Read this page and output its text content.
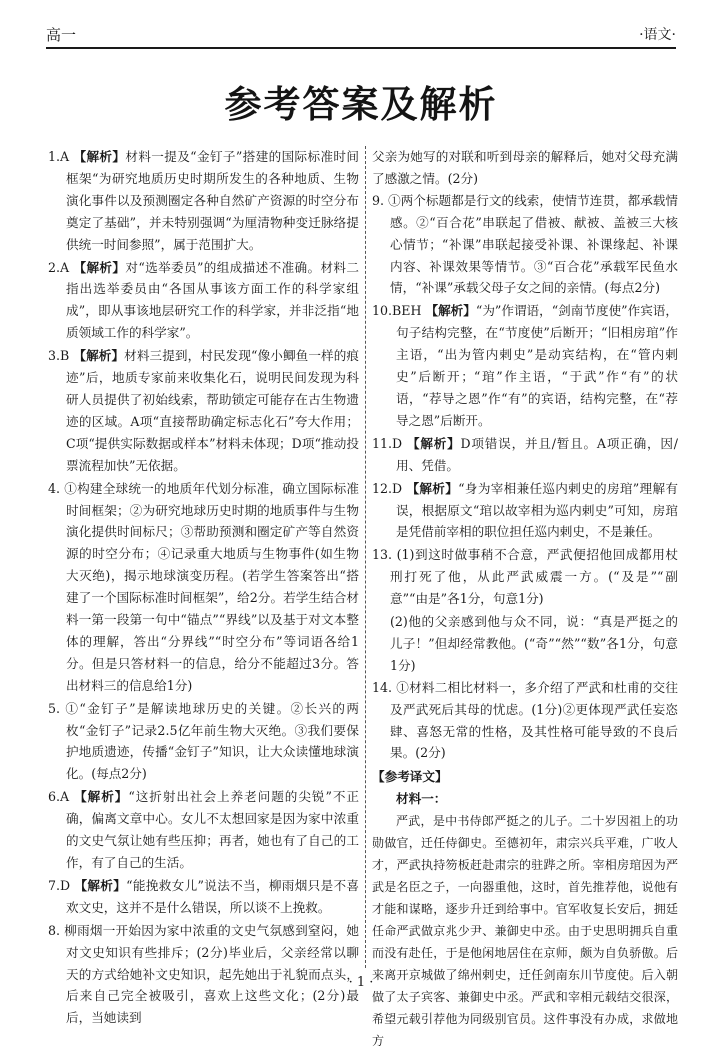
高一	·语文·
参考答案及解析

1.A 【解析】材料一提及“金钉子”搭建的国际标准时间框架“为研究地质历史时期所发生的各种地质、生物演化事件以及预测圈定各种自然矿产资源的时空分布奠定了基础”，并未特别强调“为厘清物种变迁脉络提供统一时间参照”，属于范围扩大。

2.A 【解析】对“选举委员”的组成描述不准确。材料二指出选举委员由“各国从事该方面工作的科学家组成”，即从事该地层研究工作的科学家，并非泛指“地质领域工作的科学家”。

3.B 【解析】材料三提到，村民发现“像小鲫鱼一样的痕迹”后，地质专家前来收集化石，说明民间发现为科研人员提供了初始线索，帮助锁定可能存在古生物遗迹的区域。A项“直接帮助确定标志化石”夸大作用；C项“提供实际数据或样本”材料未体现；D项“推动投票流程加快”无依据。

4. ①构建全球统一的地质年代划分标准，确立国际标准时间框架；②为研究地球历史时期的地质事件与生物演化提供时间标尺；③帮助预测和圈定矿产等自然资源的时空分布；④记录重大地质与生物事件(如生物大灭绝)，揭示地球演变历程。(若学生答案答出“搭建了一个国际标准时间框架”，给2分。若学生结合材料一第一段第一句中“锚点”“界线”以及基于对文本整体的理解，答出“分界线”“时空分布”等词语各给1分。但是只答材料一的信息，给分不能超过3分。答出材料三的信息给1分)

5. ①“金钉子”是解读地球历史的关键。②长兴的两枚“金钉子”记录2.5亿年前生物大灭绝。③我们要保护地质遗迹，传播“金钉子”知识，让大众读懂地球演化。(每点2分)

6.A 【解析】“这折射出社会上养老问题的尖锐”不正确，偏离文章中心。女儿不太想回家是因为家中浓重的文史气氛让她有些压抑；再者，她也有了自己的工作，有了自己的生活。

7.D 【解析】“能挽救女儿”说法不当，柳雨烟只是不喜欢文史，这并不是什么错误，所以谈不上挽救。

8. 柳雨烟一开始因为家中浓重的文史气氛感到窒闷，她对文史知识有些排斥；(2分)毕业后，父亲经常以聊天的方式给她补文史知识，起先她出于礼貌而点头，后来自己完全被吸引，喜欢上这些文化；(2分)最后，当她读到

父亲为她写的对联和听到母亲的解释后，她对父母充满了感激之情。(2分)

9. ①两个标题都是行文的线索，使情节连贯，都承载情感。②“百合花”串联起了借被、献被、盖被三大核心情节；“补课”串联起接受补课、补课缘起、补课内容、补课效果等情节。③“百合花”承载军民鱼水情，“补课”承载父母子女之间的亲情。(每点2分)

10.BEH 【解析】“为”作谓语，“剑南节度使”作宾语，句子结构完整，在“节度使”后断开；“旧相房琯”作主语，“出为管内剌史”是动宾结构，在“管内剌史”后断开；“琯”作主语，“于武”作“有”的状语，“荐导之恩”作“有”的宾语，结构完整，在“荐导之恩”后断开。

11.D 【解析】D项错误，并且/暂且。A项正确，因/用、凭借。

12.D 【解析】“身为宰相兼任巡内剌史的房琯”理解有误，根据原文“琯以故宰相为巡内剌史”可知，房琯是凭借前宰相的职位担任巡内剌史，不是兼任。

13. (1)到这时做事稍不合意，严武便招他回成都用杖刑打死了他，从此严武威震一方。(“及是”“副意”“由是”各1分，句意1分)

(2)他的父亲感到他与众不同，说：“真是严挺之的儿子！”但却经常教他。(“奇”“然”“数”各1分，句意1分)

14. ①材料二相比材料一，多介绍了严武和杜甫的交往及严武死后其母的忧虑。(1分)②更体现严武任妄恣肆、喜怒无常的性格，及其性格可能导致的不良后果。(2分)

【参考译文】

材料一：

严武，是中书侍郎严挺之的儿子。二十岁因祖上的功勋做官，迁任侍御史。至德初年，肃宗兴兵平难，广收人才，严武执持笏板赶赴肃宗的驻跸之所。宰相房琯因为严武是名臣之子，一向器重他，这时，首先推荐他，说他有才能和谋略，逐步升迁到给事中。官军收复长安后，拥廷任命严武做京兆少尹、兼御史中丞。由于史思明拥兵自重而没有赴任，于是他闲地居住在京师，颇为自负骄傲。后来离开京城做了绵州剌史，迁任剑南东川节度使。后入朝做了太子宾客、兼御史中丞。严武和宰相元载结交很深，希望元载引荐他为同级别官员。这件事没有办成，求做地方

· 1 ·
